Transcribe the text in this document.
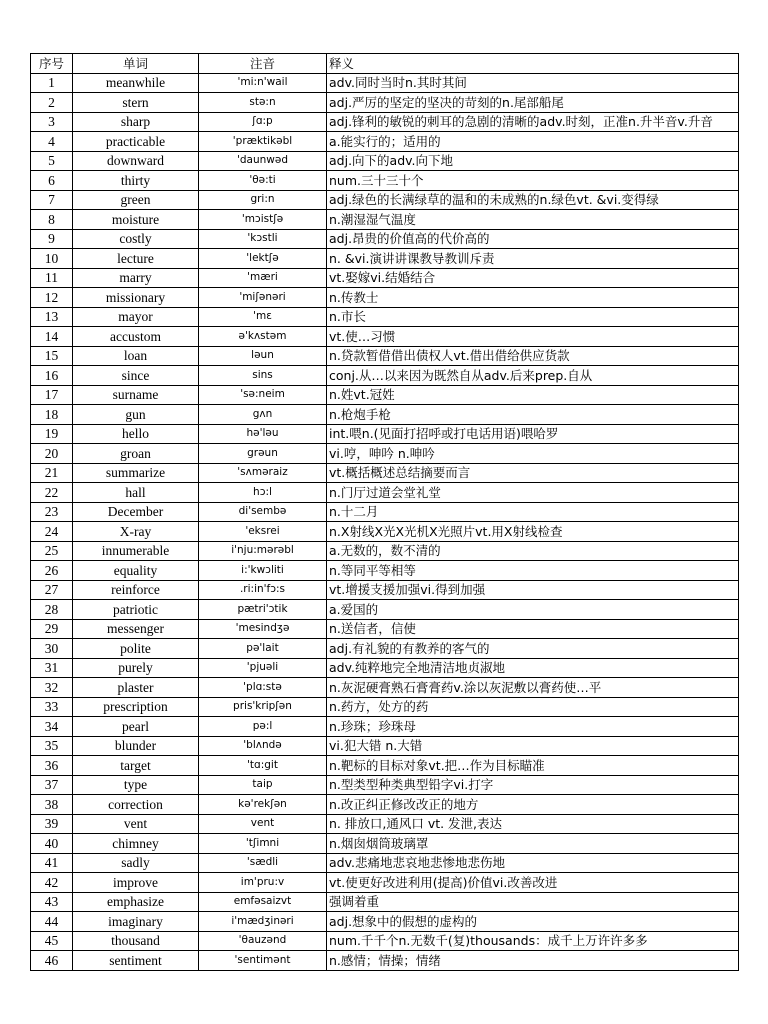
序号	单词	注音	释义
1	meanwhile	'mi:n'wail	adv.同时当时n.其时其间
2	stern	stə:n	adj.严厉的坚定的坚决的苛刻的n.尾部船尾
3	sharp	ʃɑ:p	adj.锋利的敏锐的刺耳的急剧的清晰的adv.时刻，正准n.升半音v.升音
4	practicable	'præktikəbl	a.能实行的；适用的
5	downward	'daunwəd	adj.向下的adv.向下地
6	thirty	'θə:ti	num.三十三十个
7	green	gri:n	adj.绿色的长满绿草的温和的未成熟的n.绿色vt. &vi.变得绿
8	moisture	'mɔistʃə	n.潮湿湿气温度
9	costly	'kɔstli	adj.昂贵的价值高的代价高的
10	lecture	'lektʃə	n. &vi.演讲讲课教导教训斥责
11	marry	'mæri	vt.娶嫁vi.结婚结合
12	missionary	'miʃənəri	n.传教士
13	mayor	'mɛ	n.市长
14	accustom	ə'kʌstəm	vt.使…习惯
15	loan	ləun	n.贷款暂借借出债权人vt.借出借给供应货款
16	since	sins	conj.从…以来因为既然自从adv.后来prep.自从
17	surname	'sə:neim	n.姓vt.冠姓
18	gun	gʌn	n.枪炮手枪
19	hello	hə'ləu	int.喂n.(见面打招呼或打电话用语)喂哈罗
20	groan	grəun	vi.哼，呻吟 n.呻吟
21	summarize	'sʌməraiz	vt.概括概述总结摘要而言
22	hall	hɔ:l	n.门厅过道会堂礼堂
23	December	di'sembə	n.十二月
24	X-ray	'eksrei	n.X射线X光X光机X光照片vt.用X射线检查
25	innumerable	i'nju:mərəbl	a.无数的，数不清的
26	equality	i:'kwɔliti	n.等同平等相等
27	reinforce	.ri:in'fɔ:s	vt.增援支援加强vi.得到加强
28	patriotic	pætri'ɔtik	a.爱国的
29	messenger	'mesindʒə	n.送信者，信使
30	polite	pə'lait	adj.有礼貌的有教养的客气的
31	purely	'pjuəli	adv.纯粹地完全地清洁地贞淑地
32	plaster	'plɑ:stə	n.灰泥硬膏熟石膏膏药v.涂以灰泥敷以膏药使…平
33	prescription	pris'kripʃən	n.药方，处方的药
34	pearl	pə:l	n.珍珠；珍珠母
35	blunder	'blʌndə	vi.犯大错 n.大错
36	target	'tɑ:git	n.靶标的目标对象vt.把…作为目标瞄准
37	type	taip	n.型类型种类典型铅字vi.打字
38	correction	kə'rekʃən	n.改正纠正修改改正的地方
39	vent	vent	n. 排放口,通风口 vt. 发泄,表达
40	chimney	'tʃimni	n.烟囱烟筒玻璃罩
41	sadly	'sædli	adv.悲痛地悲哀地悲惨地悲伤地
42	improve	im'pru:v	vt.使更好改进利用(提高)价值vi.改善改进
43	emphasize	emfəsaizvt	强调着重
44	imaginary	i'mædʒinəri	adj.想象中的假想的虚构的
45	thousand	'θauzənd	num.千千个n.无数千(复)thousands：成千上万许许多多
46	sentiment	'sentimənt	n.感情；情操；情绪
